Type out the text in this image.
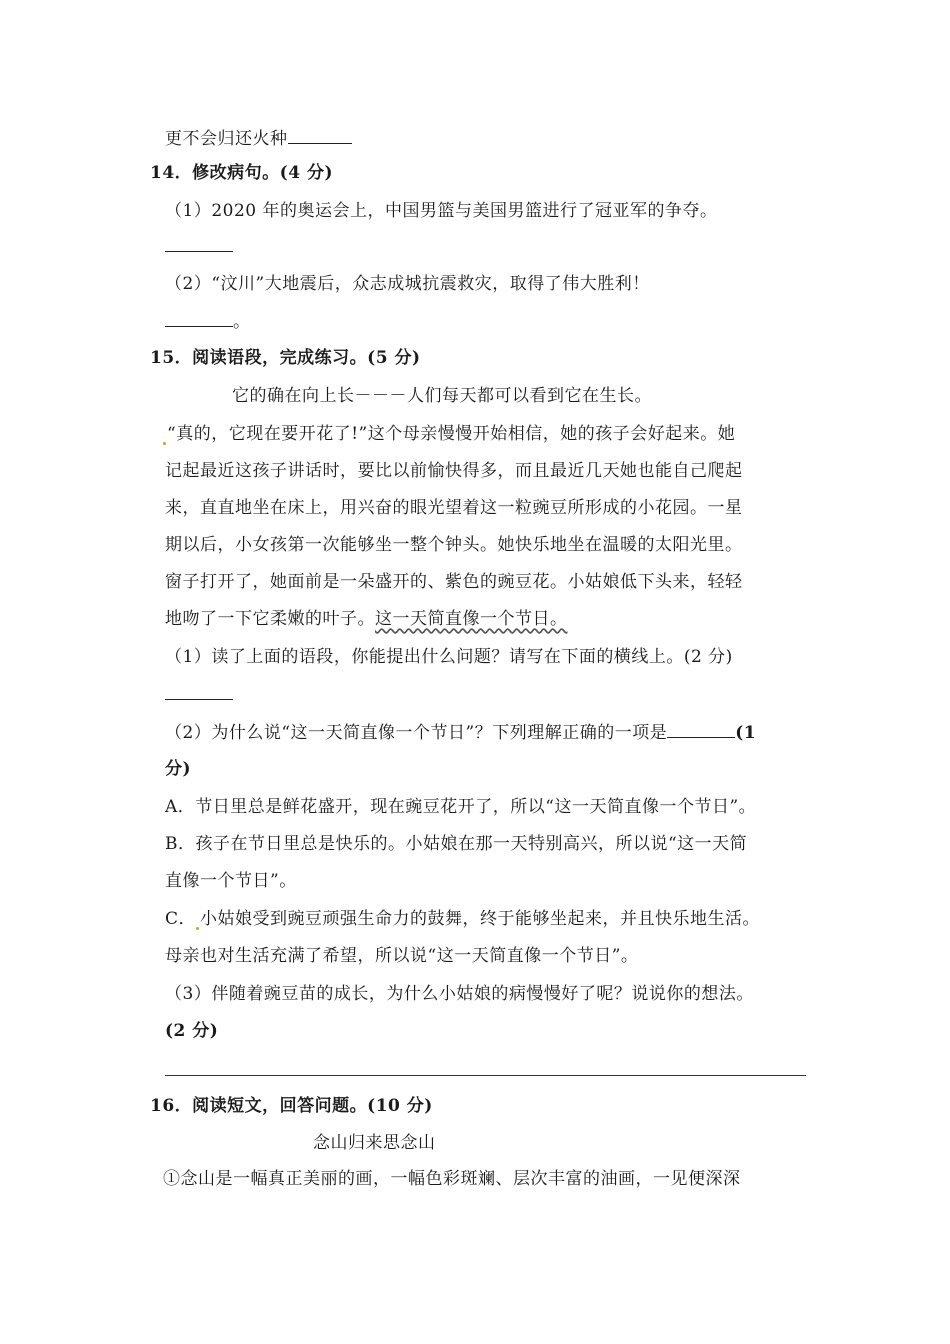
更不会归还火种
14．修改病句。(4 分)
（1）2020 年的奥运会上，中国男篮与美国男篮进行了冠亚军的争夺。
（2）“汶川”大地震后，众志成城抗震救灾，取得了伟大胜利！
。
15．阅读语段，完成练习。(5 分)
它的确在向上长－－－人们每天都可以看到它在生长。
“真的，它现在要开花了!”这个母亲慢慢开始相信，她的孩子会好起来。她
记起最近这孩子讲话时，要比以前愉快得多，而且最近几天她也能自己爬起
来，直直地坐在床上，用兴奋的眼光望着这一粒豌豆所形成的小花园。一星
期以后，小女孩第一次能够坐一整个钟头。她快乐地坐在温暖的太阳光里。
窗子打开了，她面前是一朵盛开的、紫色的豌豆花。小姑娘低下头来，轻轻
地吻了一下它柔嫩的叶子。这一天简直像一个节日。
（1）读了上面的语段，你能提出什么问题？请写在下面的横线上。(2 分)
（2）为什么说“这一天简直像一个节日”？下列理解正确的一项是	(1
分)
A．节日里总是鲜花盛开，现在豌豆花开了，所以“这一天简直像一个节日”。
B．孩子在节日里总是快乐的。小姑娘在那一天特别高兴，所以说“这一天简
直像一个节日”。
C． 小姑娘受到豌豆顽强生命力的鼓舞，终于能够坐起来，并且快乐地生活。
母亲也对生活充满了希望，所以说“这一天简直像一个节日”。
（3）伴随着豌豆苗的成长，为什么小姑娘的病慢慢好了呢？说说你的想法。
(2 分)
16．阅读短文，回答问题。(10 分)
念山归来思念山
①念山是一幅真正美丽的画，一幅色彩斑斓、层次丰富的油画，一见便深深
